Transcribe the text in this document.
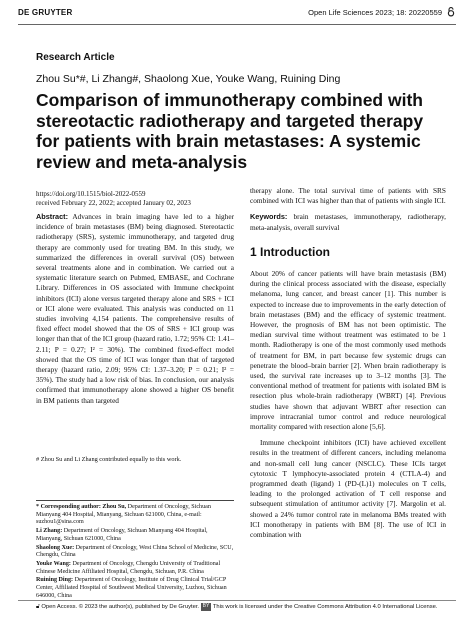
DE GRUYTER	Open Life Sciences 2023; 18: 20220559
Research Article
Zhou Su*#, Li Zhang#, Shaolong Xue, Youke Wang, Ruining Ding
Comparison of immunotherapy combined with stereotactic radiotherapy and targeted therapy for patients with brain metastases: A systemic review and meta-analysis
https://doi.org/10.1515/biol-2022-0559
received February 22, 2022; accepted January 02, 2023

Abstract: Advances in brain imaging have led to a higher incidence of brain metastases (BM) being diagnosed. Stereotactic radiotherapy (SRS), systemic immunotherapy, and targeted drug therapy are commonly used for treating BM. In this study, we summarized the differences in overall survival (OS) between several treatments alone and in combination. We carried out a systematic literature search on Pubmed, EMBASE, and Cochrane Library. Differences in OS associated with Immune checkpoint inhibitors (ICI) alone versus targeted therapy alone and SRS + ICI or ICI alone were evaluated. This analysis was conducted on 11 studies involving 4,154 patients. The comprehensive results of fixed effect model showed that the OS of SRS + ICI group was longer than that of the ICI group (hazard ratio, 1.72; 95% CI: 1.41–2.11; P = 0.27; I² = 30%). The combined fixed-effect model showed that the OS time of ICI was longer than that of targeted therapy (hazard ratio, 2.09; 95% CI: 1.37–3.20; P = 0.21; I² = 35%). The study had a low risk of bias. In conclusion, our analysis confirmed that immunotherapy alone showed a higher OS benefit in BM patients than targeted

therapy alone. The total survival time of patients with SRS combined with ICI was higher than that of patients with single ICI.

Keywords: brain metastases, immunotherapy, radiotherapy, meta-analysis, overall survival

1 Introduction

About 20% of cancer patients will have brain metastasis (BM) during the clinical process associated with the disease, especially melanoma, lung cancer, and breast cancer [1]. This number is expected to increase due to improvements in the early detection of brain metastases (BM) and the efficacy of systemic treatment. However, the prognosis of BM has not been optimistic. The median survival time without treatment was estimated to be 1 month. Radiotherapy is one of the most commonly used methods of treatment for BM, in part because few systemic drugs can penetrate the blood–brain barrier [2]. When brain radiotherapy is used, the survival rate increases up to 3–12 months [3]. The conventional method of treatment for patients with isolated BM is resection plus whole-brain radiotherapy (WBRT) [4]. Previous studies have shown that adjuvant WBRT after resection can improve intracranial tumor control and reduce neurological mortality compared with resection alone [5,6].

Immune checkpoint inhibitors (ICI) have achieved excellent results in the treatment of different cancers, including melanoma and non-small cell lung cancer (NSCLC). These ICIs target cytotoxic T lymphocyte-associated protein 4 (CTLA-4) and programmed death (ligand) 1 (PD-(L)1) molecules on T cells, leading to the prolonged activation of T cell response and subsequent stimulation of antitumor activity [7]. Margolin et al. showed a 24% tumor control rate in melanoma BMs treated with ICI monotherapy in patients with BM [8]. The use of ICI in combination with

# Zhou Su and Li Zhang contributed equally to this work.

* Corresponding author: Zhou Su, Department of Oncology, Sichuan Mianyang 404 Hospital, Mianyang, Sichuan 621000, China, e-mail: suzhou1@sina.com

Li Zhang: Department of Oncology, Sichuan Mianyang 404 Hospital, Mianyang, Sichuan 621000, China

Shaolong Xue: Department of Oncology, West China School of Medicine, SCU, Chengdu, China

Youke Wang: Department of Oncology, Chengdu University of Traditional Chinese Medicine Affiliated Hospital, Chengdu, Sichuan, P.R. China

Ruining Ding: Department of Oncology, Institute of Drug Clinical Trial/GCP Center, Affiliated Hospital of Southwest Medical University, Luzhou, Sichuan 646000, China

🔓︎ Open Access. © 2023 the author(s), published by De Gruyter. BY This work is licensed under the Creative Commons Attribution 4.0 International License.
